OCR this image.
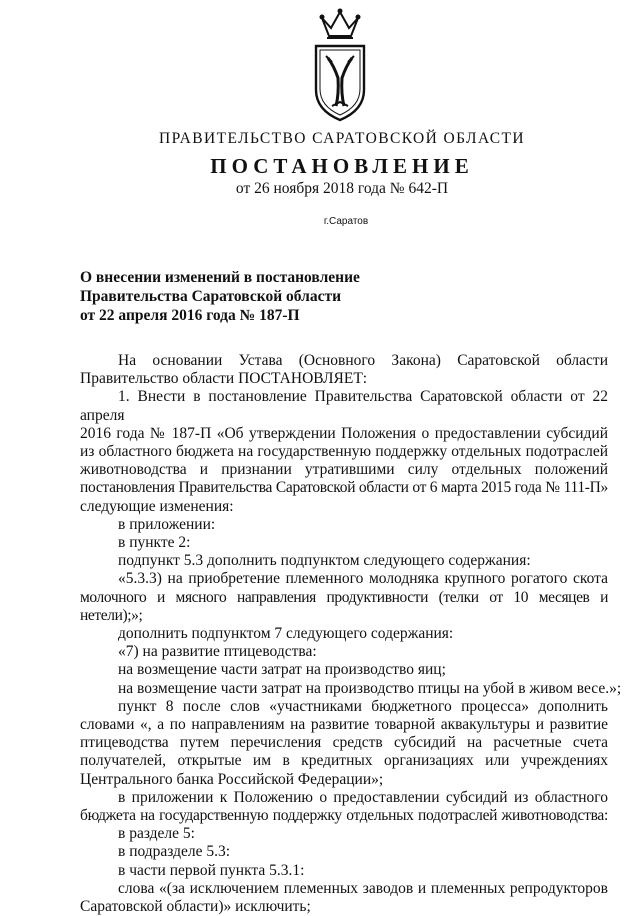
ПРАВИТЕЛЬСТВО САРАТОВСКОЙ ОБЛАСТИ
ПОСТАНОВЛЕНИЕ
от 26 ноября 2018 года № 642-П
г.Саратов
О внесении изменений в постановление
Правительства Саратовской области
от 22 апреля 2016 года № 187-П
На основании Устава (Основного Закона) Саратовской области
Правительство области ПОСТАНОВЛЯЕТ:
1. Внести в постановление Правительства Саратовской области от 22 апреля
2016 года № 187-П «Об утверждении Положения о предоставлении субсидий
из областного бюджета на государственную поддержку отдельных подотраслей
животноводства и признании утратившими силу отдельных положений
постановления Правительства Саратовской области от 6 марта 2015 года № 111-П»
следующие изменения:
в приложении:
в пункте 2:
подпункт 5.3 дополнить подпунктом следующего содержания:
«5.3.3) на приобретение племенного молодняка крупного рогатого скота
молочного и мясного направления продуктивности (телки от 10 месяцев и нетели);»;
дополнить подпунктом 7 следующего содержания:
«7) на развитие птицеводства:
на возмещение части затрат на производство яиц;
на возмещение части затрат на производство птицы на убой в живом весе.»;
пункт 8 после слов «участниками бюджетного процесса» дополнить
словами «, а по направлениям на развитие товарной аквакультуры и развитие
птицеводства путем перечисления средств субсидий на расчетные счета
получателей, открытые им в кредитных организациях или учреждениях
Центрального банка Российской Федерации»;
в приложении к Положению о предоставлении субсидий из областного
бюджета на государственную поддержку отдельных подотраслей животноводства:
в разделе 5:
в подразделе 5.3:
в части первой пункта 5.3.1:
слова «(за исключением племенных заводов и племенных репродукторов
Саратовской области)» исключить;
